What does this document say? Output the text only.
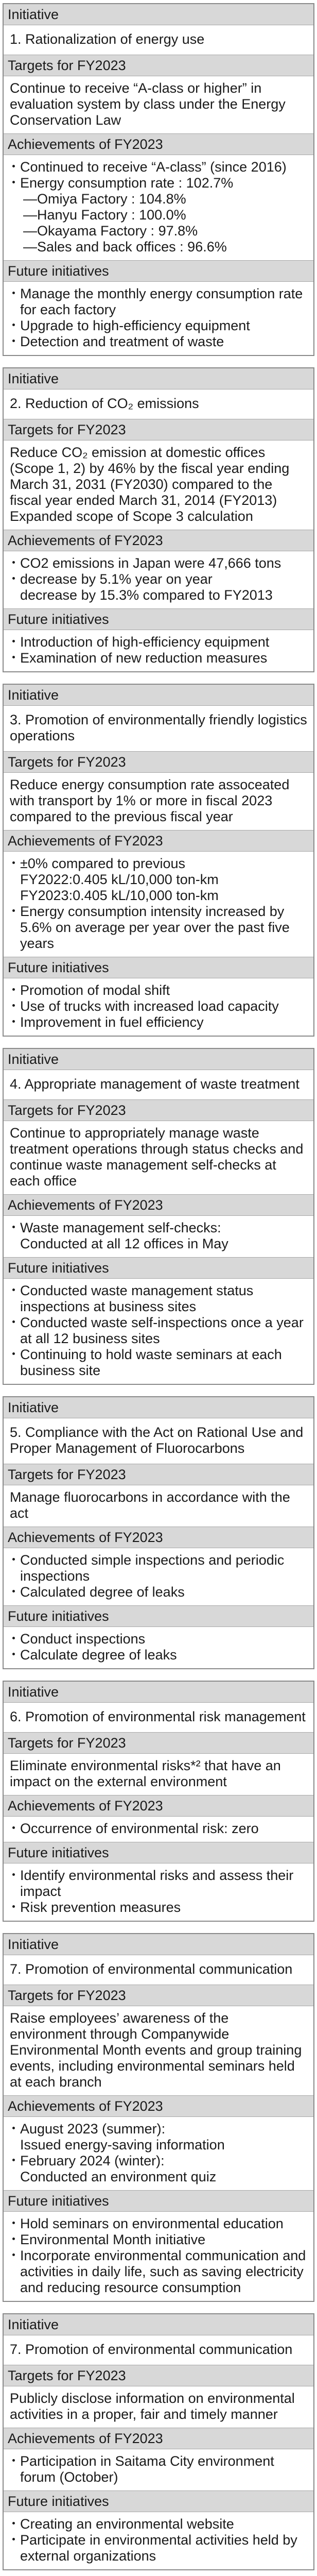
Initiative
1. Rationalization of energy use
Targets for FY2023
Continue to receive “A-class or higher” in evaluation system by class under the Energy Conservation Law
Achievements of FY2023
・ Continued to receive “A-class” (since 2016)
・ Energy consumption rate : 102.7%
—Omiya Factory : 104.8%
—Hanyu Factory : 100.0%
—Okayama Factory : 97.8%
—Sales and back offices : 96.6%
Future initiatives
・ Manage the monthly energy consumption rate for each factory
・ Upgrade to high-efficiency equipment
・ Detection and treatment of waste
Initiative
2. Reduction of CO₂ emissions
Targets for FY2023
Reduce CO₂ emission at domestic offices (Scope 1, 2) by 46% by the fiscal year ending March 31, 2031 (FY2030) compared to the fiscal year ended March 31, 2014 (FY2013)
Expanded scope of Scope 3 calculation
Achievements of FY2023
・ CO2 emissions in Japan were 47,666 tons
・ decrease by 5.1% year on year
decrease by 15.3% compared to FY2013
Future initiatives
・ Introduction of high-efficiency equipment
・ Examination of new reduction measures
Initiative
3. Promotion of environmentally friendly logistics operations
Targets for FY2023
Reduce energy consumption rate assoceated with transport by 1% or more in fiscal 2023 compared to the previous fiscal year
Achievements of FY2023
・ ±0% compared to previous
FY2022:0.405 kL/10,000 ton-km
FY2023:0.405 kL/10,000 ton-km
・ Energy consumption intensity increased by 5.6% on average per year over the past five years
Future initiatives
・ Promotion of modal shift
・ Use of trucks with increased load capacity
・ Improvement in fuel efficiency
Initiative
4. Appropriate management of waste treatment
Targets for FY2023
Continue to appropriately manage waste treatment operations through status checks and continue waste management self-checks at each office
Achievements of FY2023
・ Waste management self-checks:
Conducted at all 12 offices in May
Future initiatives
・ Conducted waste management status inspections at business sites
・ Conducted waste self-inspections once a year at all 12 business sites
・ Continuing to hold waste seminars at each business site
Initiative
5. Compliance with the Act on Rational Use and Proper Management of Fluorocarbons
Targets for FY2023
Manage fluorocarbons in accordance with the act
Achievements of FY2023
・ Conducted simple inspections and periodic inspections
・ Calculated degree of leaks
Future initiatives
・ Conduct inspections
・ Calculate degree of leaks
Initiative
6. Promotion of environmental risk management
Targets for FY2023
Eliminate environmental risks*² that have an impact on the external environment
Achievements of FY2023
・ Occurrence of environmental risk: zero
Future initiatives
・ Identify environmental risks and assess their impact
・ Risk prevention measures
Initiative
7. Promotion of environmental communication
Targets for FY2023
Raise employees’ awareness of the environment through Companywide Environmental Month events and group training events, including environmental seminars held at each branch
Achievements of FY2023
・ August 2023 (summer):
Issued energy-saving information
・ February 2024 (winter):
Conducted an environment quiz
Future initiatives
・ Hold seminars on environmental education
・ Environmental Month initiative
・ Incorporate environmental communication and activities in daily life, such as saving electricity and reducing resource consumption
Initiative
7. Promotion of environmental communication
Targets for FY2023
Publicly disclose information on environmental activities in a proper, fair and timely manner
Achievements of FY2023
・ Participation in Saitama City environment forum (October)
Future initiatives
・ Creating an environmental website
・ Participate in environmental activities held by external organizations
